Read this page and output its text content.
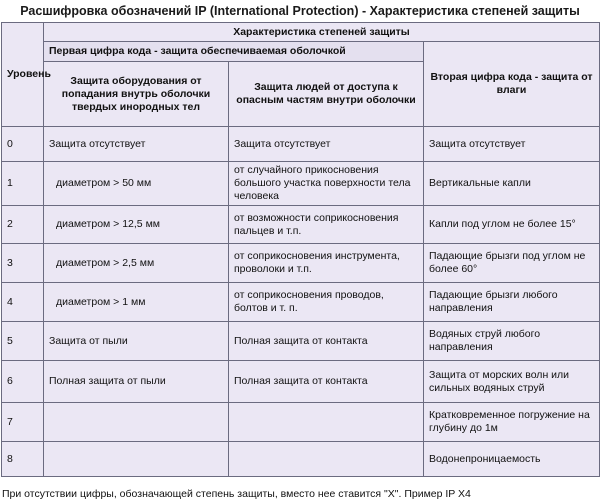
Расшифровка обозначений IP (International Protection) - Характеристика степеней защиты
Уровень	Характеристика степеней защиты		
	Первая цифра кода - защита обеспечиваемая оболочкой		Вторая цифра кода - защита от влаги
	Защита оборудования от попадания внутрь оболочки твердых инородных тел	Защита людей от доступа к опасным частям внутри оболочки	
0	Защита отсутствует	Защита отсутствует	Защита отсутствует
1	диаметром > 50 мм	от случайного прикосновения большого участка поверхности тела человека	Вертикальные капли
2	диаметром > 12,5 мм	от возможности соприкосновения пальцев и т.п.	Капли под углом не более 15°
3	диаметром > 2,5 мм	от соприкосновения инструмента, проволоки и т.п.	Падающие брызги под углом не более 60°
4	диаметром > 1 мм	от соприкосновения проводов, болтов и т. п.	Падающие брызги любого направления
5	Защита от пыли	Полная защита от контакта	Водяных струй любого направления
6	Полная защита от пыли	Полная защита от контакта	Защита от морских волн или сильных водяных струй
7			Кратковременное погружение на глубину до 1м
8			Водонепроницаемость
При отсутствии цифры, обозначающей степень защиты, вместо нее ставится "X". Пример IP X4
